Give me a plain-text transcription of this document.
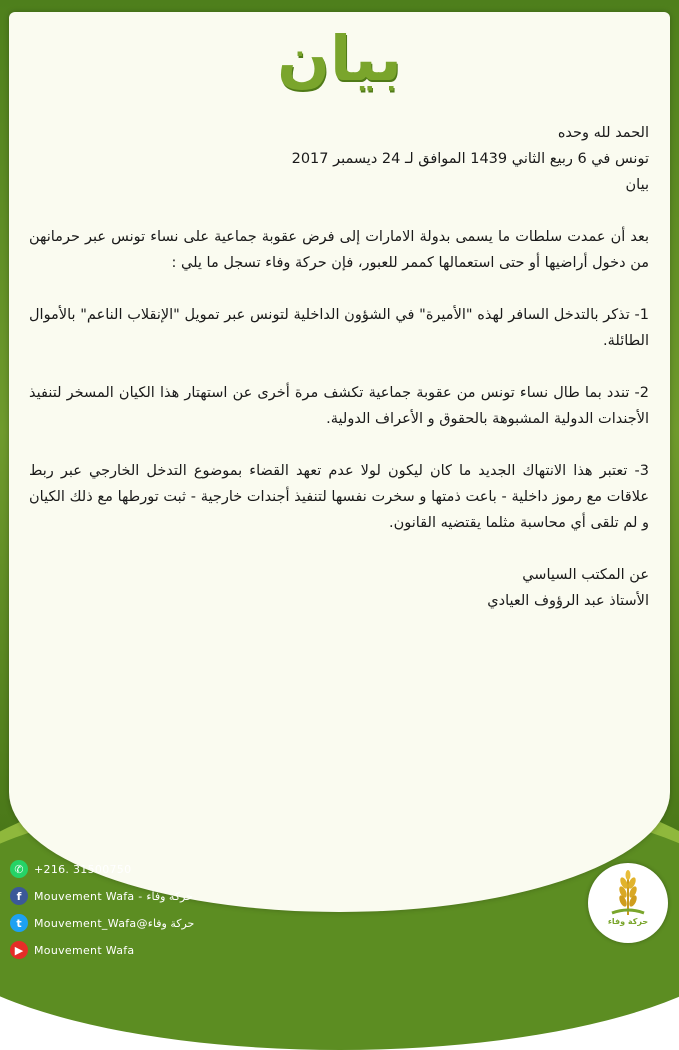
بيان

الحمد لله وحده

تونس في 6 ربيع الثاني 1439 الموافق لـ 24 ديسمبر 2017

بيان

بعد أن عمدت سلطات ما يسمى بدولة الامارات إلى فرض عقوبة جماعية على نساء تونس عبر حرمانهن من دخول أراضيها أو حتى استعمالها كممر للعبور، فإن حركة وفاء تسجل ما يلي :

1- تذكر بالتدخل السافر لهذه "الأميرة" في الشؤون الداخلية لتونس عبر تمويل "الإنقلاب الناعم" بالأموال الطائلة.

2- تندد بما طال نساء تونس من عقوبة جماعية تكشف مرة أخرى عن استهتار هذا الكيان المسخر لتنفيذ الأجندات الدولية المشبوهة بالحقوق و الأعراف الدولية.

3- تعتبر هذا الانتهاك الجديد ما كان ليكون لولا عدم تعهد القضاء بموضوع التدخل الخارجي عبر ربط علاقات مع رموز داخلية - باعت ذمتها و سخرت نفسها لتنفيذ أجندات خارجية - ثبت تورطها مع ذلك الكيان و لم تلقى أي محاسبة مثلما يقتضيه القانون.

عن المكتب السياسي

الأستاذ عبد الرؤوف العيادي

✆ +216. 31500750
f	Mouvement Wafa - حركة وفاء
t	Mouvement_Wafa@حركة وفاء
▶ Mouvement Wafa
حركة وفاء
